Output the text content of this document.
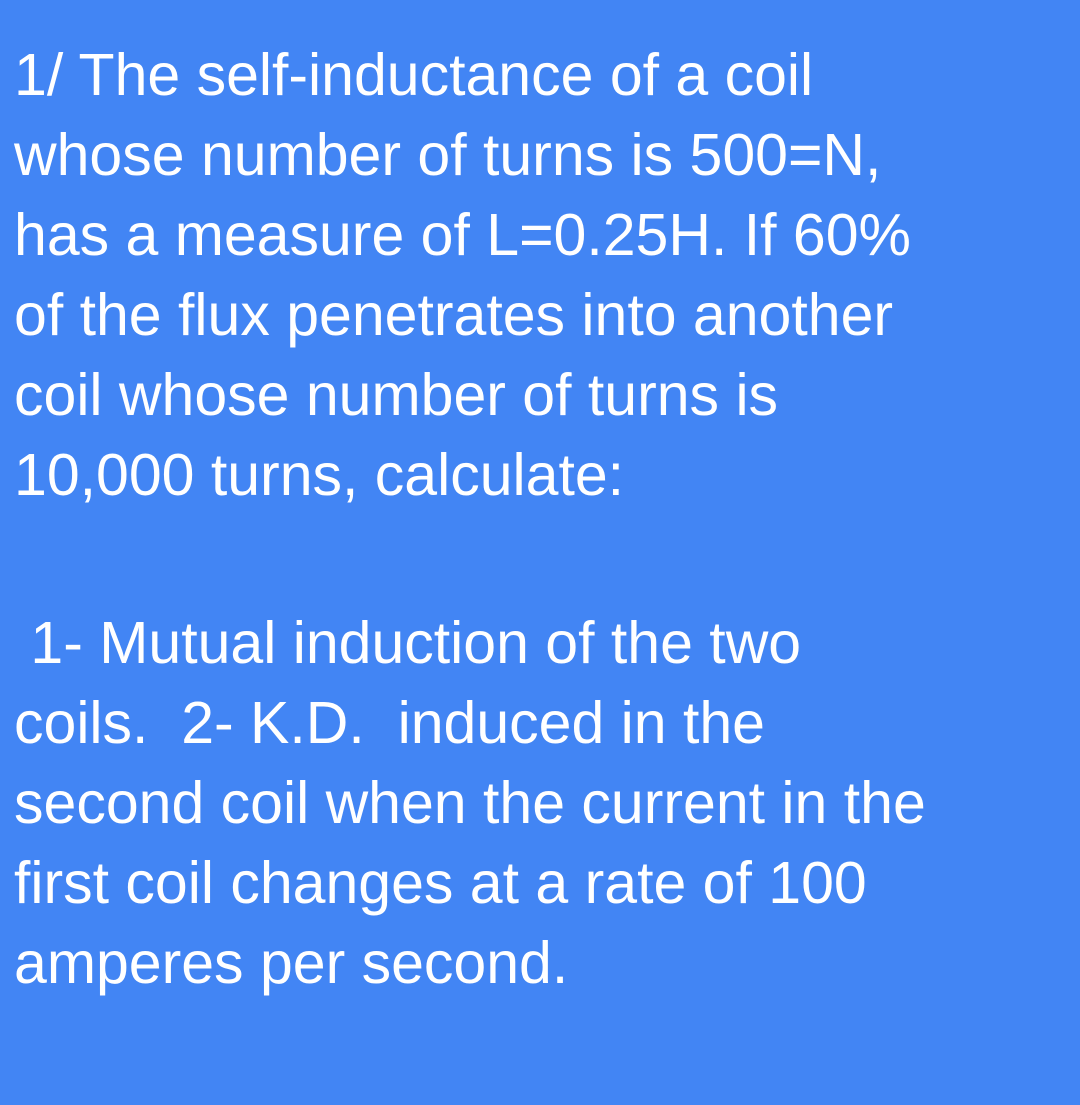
1/ The self-inductance of a coil

whose number of turns is 500=N,

has a measure of L=0.25H. If 60%

of the flux penetrates into another

coil whose number of turns is

10,000 turns, calculate:

1- Mutual induction of the two

coils.  2- K.D.  induced in the

second coil when the current in the

first coil changes at a rate of 100

amperes per second.
